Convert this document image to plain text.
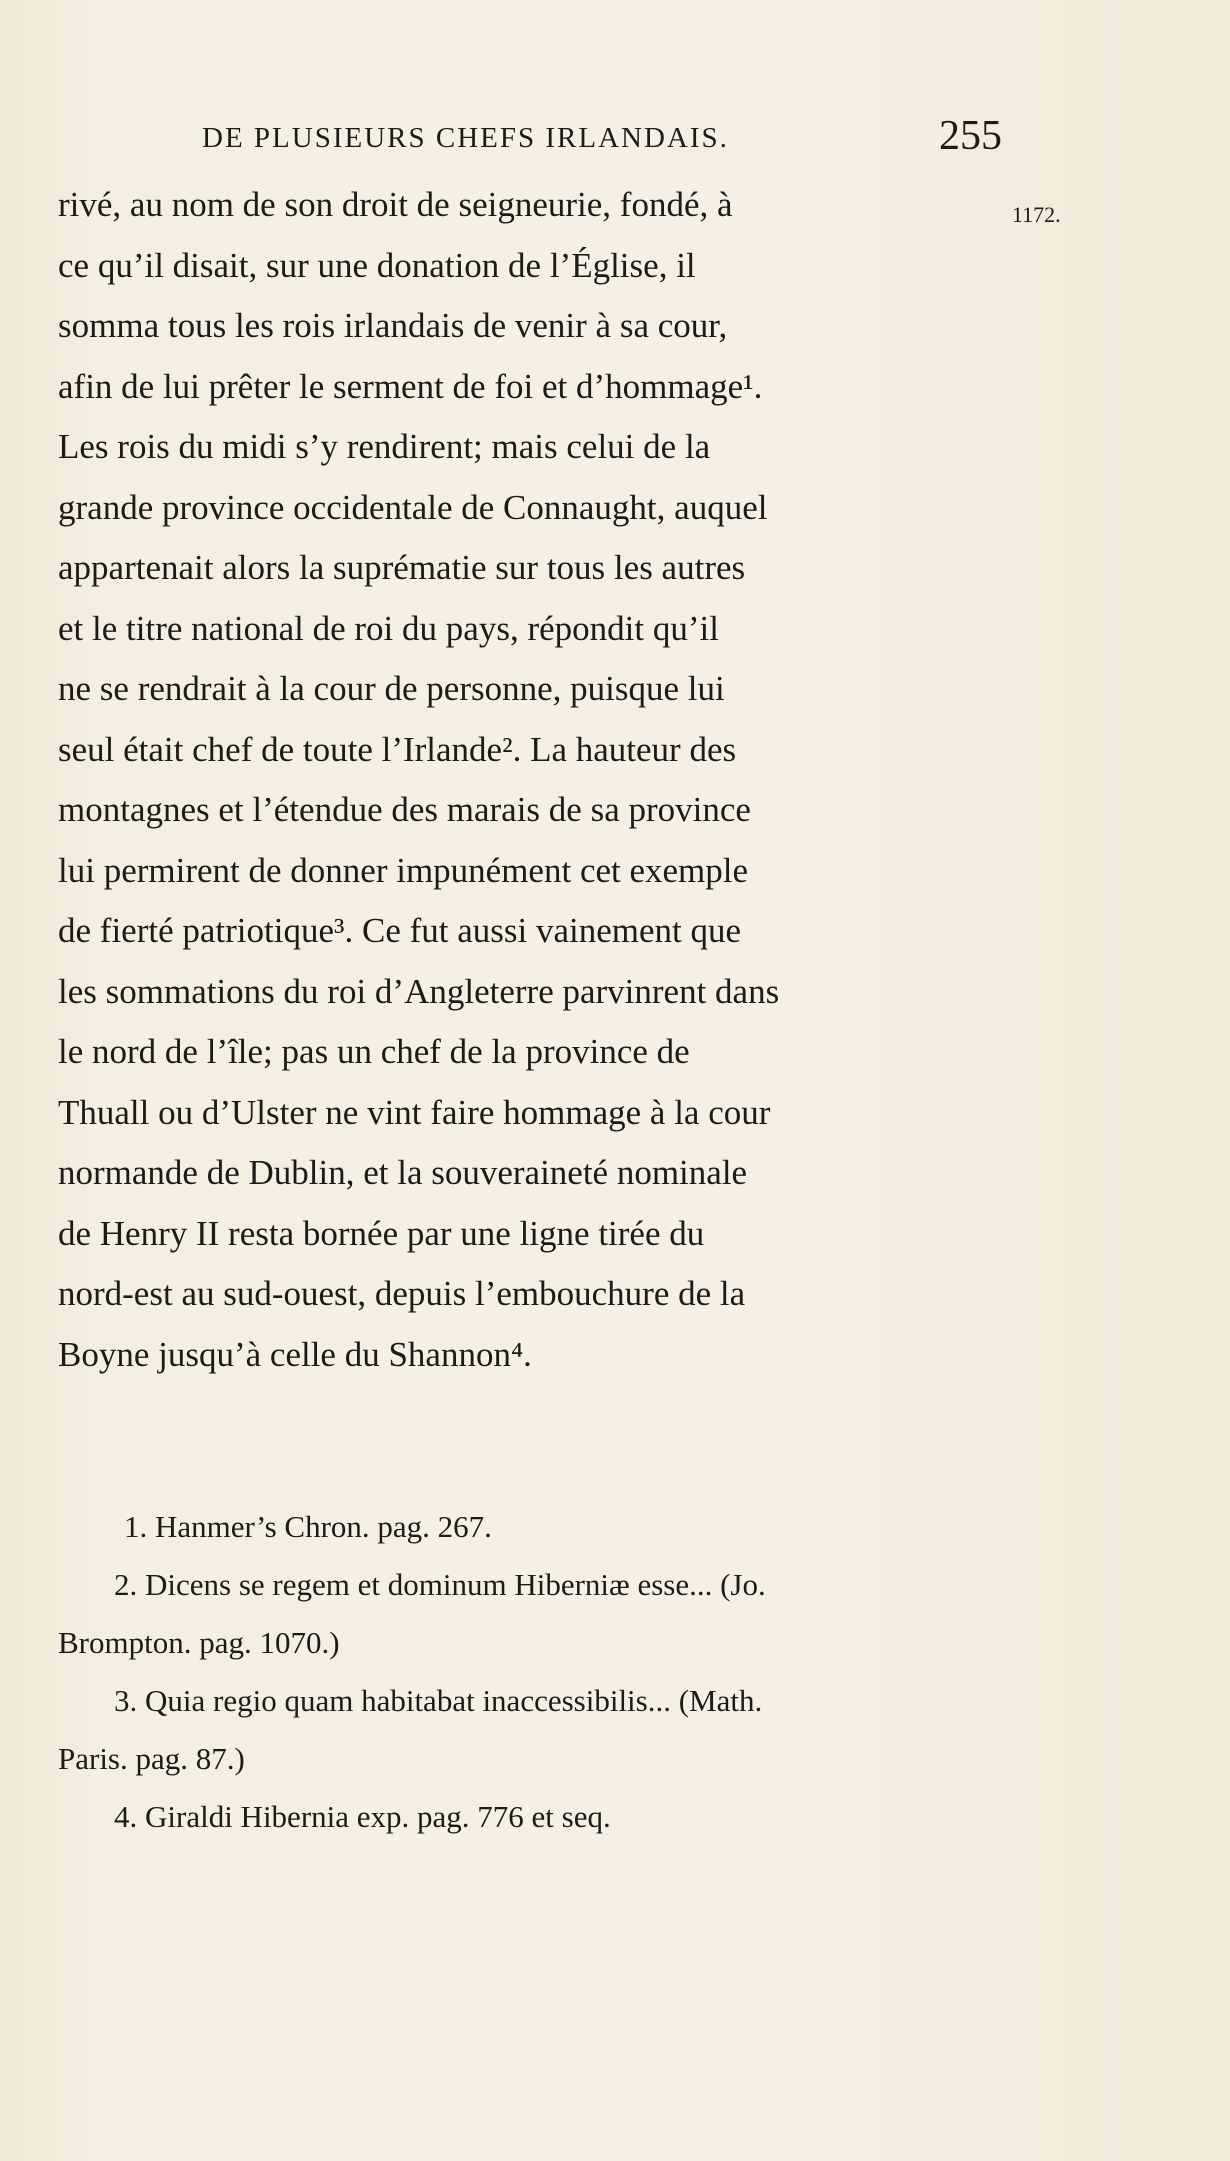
DE PLUSIEURS CHEFS IRLANDAIS.	255
1172.
rivé, au nom de son droit de seigneurie, fondé, à
ce qu’il disait, sur une donation de l’Église, il
somma tous les rois irlandais de venir à sa cour,
afin de lui prêter le serment de foi et d’hommage¹.
Les rois du midi s’y rendirent; mais celui de la
grande province occidentale de Connaught, auquel
appartenait alors la suprématie sur tous les autres
et le titre national de roi du pays, répondit qu’il
ne se rendrait à la cour de personne, puisque lui
seul était chef de toute l’Irlande². La hauteur des
montagnes et l’étendue des marais de sa province
lui permirent de donner impunément cet exemple
de fierté patriotique³. Ce fut aussi vainement que
les sommations du roi d’Angleterre parvinrent dans
le nord de l’île; pas un chef de la province de
Thuall ou d’Ulster ne vint faire hommage à la cour
normande de Dublin, et la souveraineté nominale
de Henry II resta bornée par une ligne tirée du
nord-est au sud-ouest, depuis l’embouchure de la
Boyne jusqu’à celle du Shannon⁴.
1. Hanmer’s Chron. pag. 267.
2. Dicens se regem et dominum Hiberniæ esse... (Jo.
Brompton. pag. 1070.)
3. Quia regio quam habitabat inaccessibilis... (Math.
Paris. pag. 87.)
4. Giraldi Hibernia exp. pag. 776 et seq.
